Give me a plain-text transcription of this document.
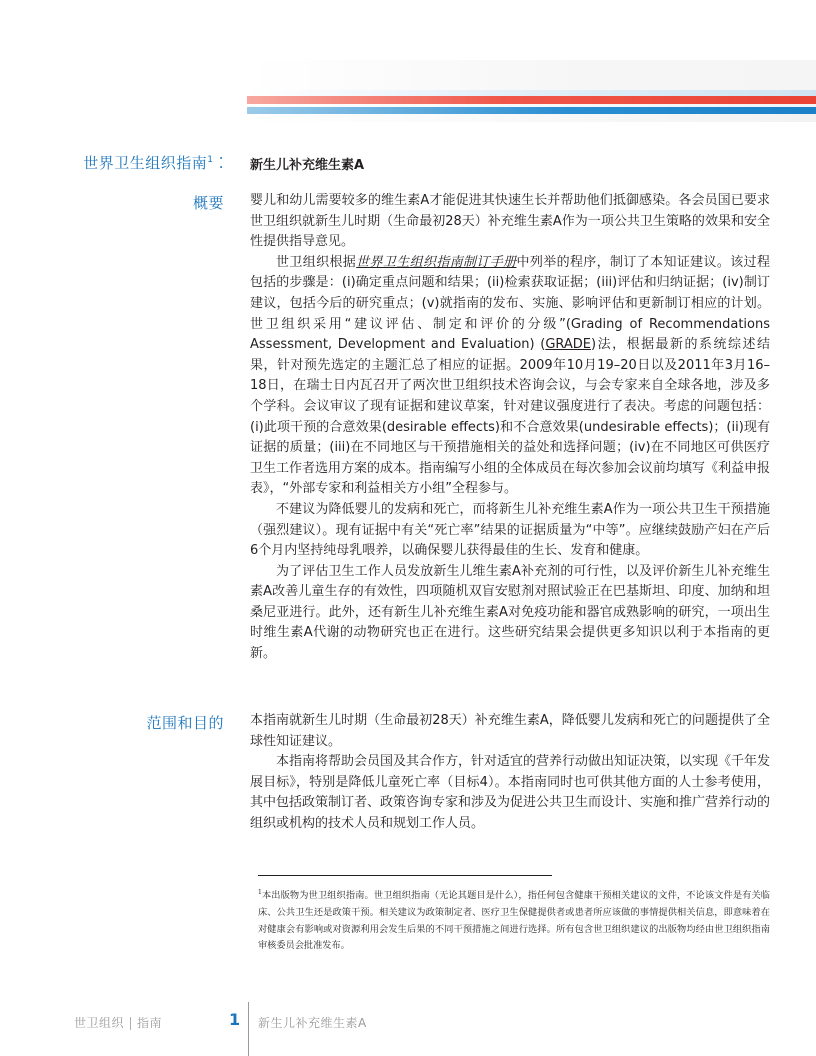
世界卫生组织指南$^1$ ⁚ 新生儿补充维生素A
概要 婴儿和幼儿需要较多的维生素A才能促进其快速生长并帮助他们抵御感染。各会员国已要求世卫组织就新生儿时期（生命最初28天）补充维生素A作为一项公共卫生策略的效果和安全性提供指导意见。

世卫组织根据世界卫生组织指南制订手册中列举的程序，制订了本知证建议。该过程包括的步骤是：(i)确定重点问题和结果；(ii)检索获取证据；(iii)评估和归纳证据；(iv)制订建议，包括今后的研究重点；(v)就指南的发布、实施、影响评估和更新制订相应的计划。世卫组织采用“建议评估、制定和评价的分级”(Grading of Recommendations Assessment, Development and Evaluation) (GRADE)法，根据最新的系统综述结果，针对预先选定的主题汇总了相应的证据。2009年10月19–20日以及2011年3月16–18日，在瑞士日内瓦召开了两次世卫组织技术咨询会议，与会专家来自全球各地，涉及多个学科。会议审议了现有证据和建议草案，针对建议强度进行了表决。考虑的问题包括：(i)此项干预的合意效果(desirable effects)和不合意效果(undesirable effects)；(ii)现有证据的质量；(iii)在不同地区与干预措施相关的益处和选择问题；(iv)在不同地区可供医疗卫生工作者选用方案的成本。指南编写小组的全体成员在每次参加会议前均填写《利益申报表》，“外部专家和利益相关方小组”全程参与。

不建议为降低婴儿的发病和死亡，而将新生儿补充维生素A作为一项公共卫生干预措施（强烈建议）。现有证据中有关“死亡率”结果的证据质量为“中等”。应继续鼓励产妇在产后6个月内坚持纯母乳喂养，以确保婴儿获得最佳的生长、发育和健康。

为了评估卫生工作人员发放新生儿维生素A补充剂的可行性，以及评价新生儿补充维生素A改善儿童生存的有效性，四项随机双盲安慰剂对照试验正在巴基斯坦、印度、加纳和坦桑尼亚进行。此外，还有新生儿补充维生素A对免疫功能和器官成熟影响的研究，一项出生时维生素A代谢的动物研究也正在进行。这些研究结果会提供更多知识以利于本指南的更新。

范围和目的 本指南就新生儿时期（生命最初28天）补充维生素A，降低婴儿发病和死亡的问题提供了全球性知证建议。

本指南将帮助会员国及其合作方，针对适宜的营养行动做出知证决策，以实现《千年发展目标》，特别是降低儿童死亡率（目标4）。本指南同时也可供其他方面的人士参考使用，其中包括政策制订者、政策咨询专家和涉及为促进公共卫生而设计、实施和推广营养行动的组织或机构的技术人员和规划工作人员。

$^1$本出版物为世卫组织指南。世卫组织指南（无论其题目是什么），指任何包含健康干预相关建议的文件，不论该文件是有关临床、公共卫生还是政策干预。相关建议为政策制定者、医疗卫生保健提供者或患者所应该做的事情提供相关信息，即意味着在对健康会有影响或对资源利用会发生后果的不同干预措施之间进行选择。所有包含世卫组织建议的出版物均经由世卫组织指南审核委员会批准发布。
世卫组织 指南	1 新生儿补充维生素A
